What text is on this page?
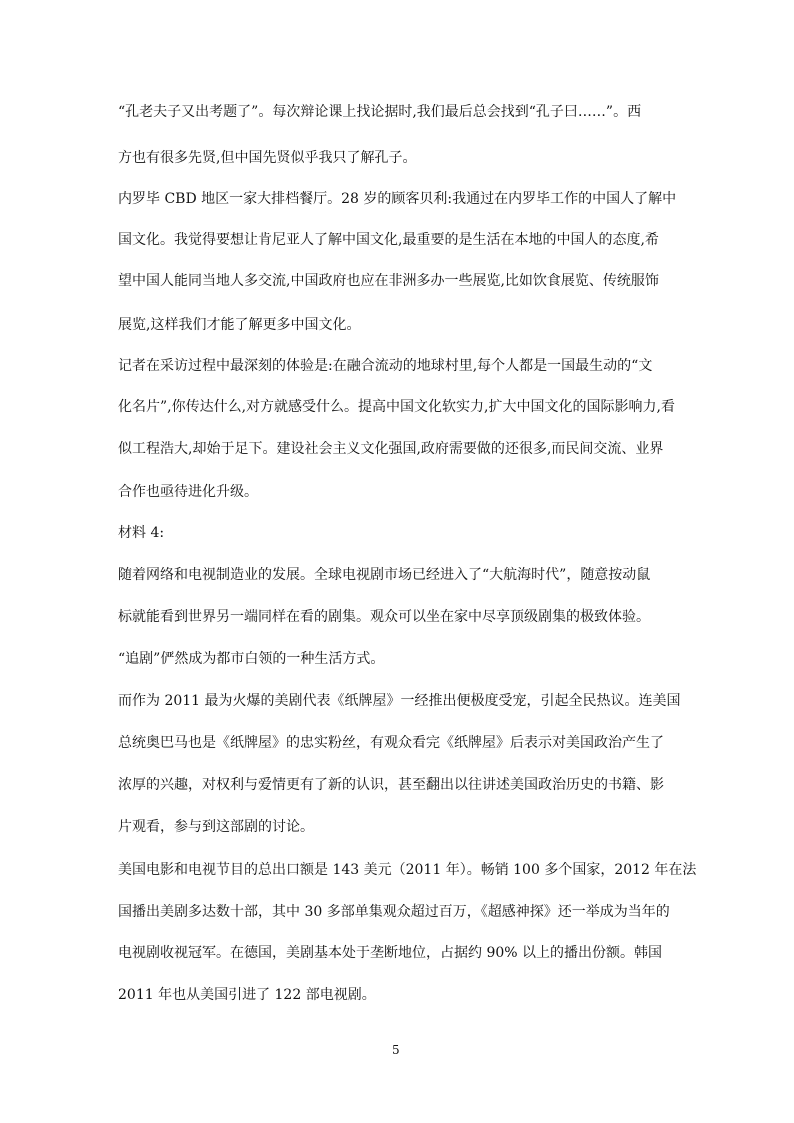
“孔老夫子又出考题了”。每次辩论课上找论据时,我们最后总会找到“孔子曰……”。西
方也有很多先贤,但中国先贤似乎我只了解孔子。
内罗毕 CBD 地区一家大排档餐厅。28 岁的顾客贝利:我通过在内罗毕工作的中国人了解中
国文化。我觉得要想让肯尼亚人了解中国文化,最重要的是生活在本地的中国人的态度,希
望中国人能同当地人多交流,中国政府也应在非洲多办一些展览,比如饮食展览、传统服饰
展览,这样我们才能了解更多中国文化。
记者在采访过程中最深刻的体验是:在融合流动的地球村里,每个人都是一国最生动的“文
化名片”,你传达什么,对方就感受什么。提高中国文化软实力,扩大中国文化的国际影响力,看
似工程浩大,却始于足下。建设社会主义文化强国,政府需要做的还很多,而民间交流、业界
合作也亟待进化升级。
材料 4:
随着网络和电视制造业的发展。全球电视剧市场已经进入了“大航海时代”，随意按动鼠
标就能看到世界另一端同样在看的剧集。观众可以坐在家中尽享顶级剧集的极致体验。
“追剧”俨然成为都市白领的一种生活方式。
而作为 2011 最为火爆的美剧代表《纸牌屋》一经推出便极度受宠，引起全民热议。连美国
总统奥巴马也是《纸牌屋》的忠实粉丝，有观众看完《纸牌屋》后表示对美国政治产生了
浓厚的兴趣，对权利与爱情更有了新的认识，甚至翻出以往讲述美国政治历史的书籍、影
片观看，参与到这部剧的讨论。
美国电影和电视节目的总出口额是 143 美元（2011 年）。畅销 100 多个国家，2012 年在法
国播出美剧多达数十部，其中 30 多部单集观众超过百万，《超感神探》还一举成为当年的
电视剧收视冠军。在德国，美剧基本处于垄断地位，占据约 90% 以上的播出份额。韩国
2011 年也从美国引进了 122 部电视剧。
5
